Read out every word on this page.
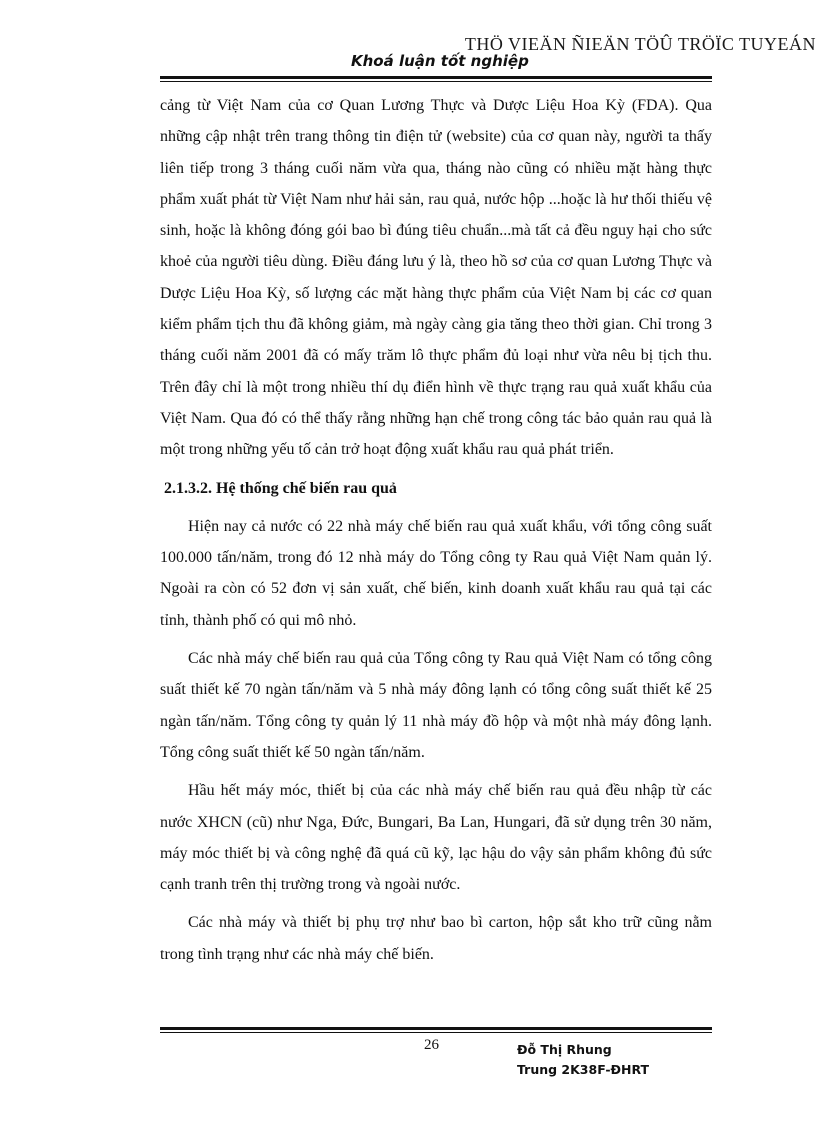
THÖ VIEÄN ÑIEÄN TÖÛ TRÖÏC TUYEÁN
Khoá luận tốt nghiệp

cảng từ Việt Nam của cơ Quan Lương Thực và Dược Liệu Hoa Kỳ (FDA). Qua những cập nhật trên trang thông tin điện tử (website) của cơ quan này, người ta thấy liên tiếp trong 3 tháng cuối năm vừa qua, tháng nào cũng có nhiều mặt hàng thực phẩm xuất phát từ Việt Nam như hải sản, rau quả, nước hộp ...hoặc là hư thối thiếu vệ sinh, hoặc là không đóng gói bao bì đúng tiêu chuẩn...mà tất cả đều nguy hại cho sức khoẻ của người tiêu dùng. Điều đáng lưu ý là, theo hồ sơ của cơ quan Lương Thực và Dược Liệu Hoa Kỳ, số lượng các mặt hàng thực phẩm của Việt Nam bị các cơ quan kiểm phẩm tịch thu đã không giảm, mà ngày càng gia tăng theo thời gian. Chỉ trong 3 tháng cuối năm 2001 đã có mấy trăm lô thực phẩm đủ loại như vừa nêu bị tịch thu. Trên đây chỉ là một trong nhiều thí dụ điển hình về thực trạng rau quả xuất khẩu của Việt Nam. Qua đó có thể thấy rằng những hạn chế trong công tác bảo quản rau quả là một trong những yếu tố cản trở hoạt động xuất khẩu rau quả phát triển.

2.1.3.2. Hệ thống chế biến rau quả

Hiện nay cả nước có 22 nhà máy chế biến rau quả xuất khẩu, với tổng công suất 100.000 tấn/năm, trong đó 12 nhà máy do Tổng công ty Rau quả Việt Nam quản lý. Ngoài ra còn có 52 đơn vị sản xuất, chế biến, kinh doanh xuất khẩu rau quả tại các tỉnh, thành phố có qui mô nhỏ.

Các nhà máy chế biến rau quả của Tổng công ty Rau quả Việt Nam có tổng công suất thiết kế 70 ngàn tấn/năm và 5 nhà máy đông lạnh có tổng công suất thiết kế 25 ngàn tấn/năm. Tổng công ty quản lý 11 nhà máy đồ hộp và một nhà máy đông lạnh. Tổng công suất thiết kế 50 ngàn tấn/năm.

Hầu hết máy móc, thiết bị của các nhà máy chế biến rau quả đều nhập từ các nước XHCN (cũ) như Nga, Đức, Bungari, Ba Lan, Hungari, đã sử dụng trên 30 năm, máy móc thiết bị và công nghệ đã quá cũ kỹ, lạc hậu do vậy sản phẩm không đủ sức cạnh tranh trên thị trường trong và ngoài nước.

Các nhà máy và thiết bị phụ trợ như bao bì carton, hộp sắt kho trữ cũng nằm trong tình trạng như các nhà máy chế biến.

26	Đỗ Thị Rhung
Trung 2K38F-ĐHRT
